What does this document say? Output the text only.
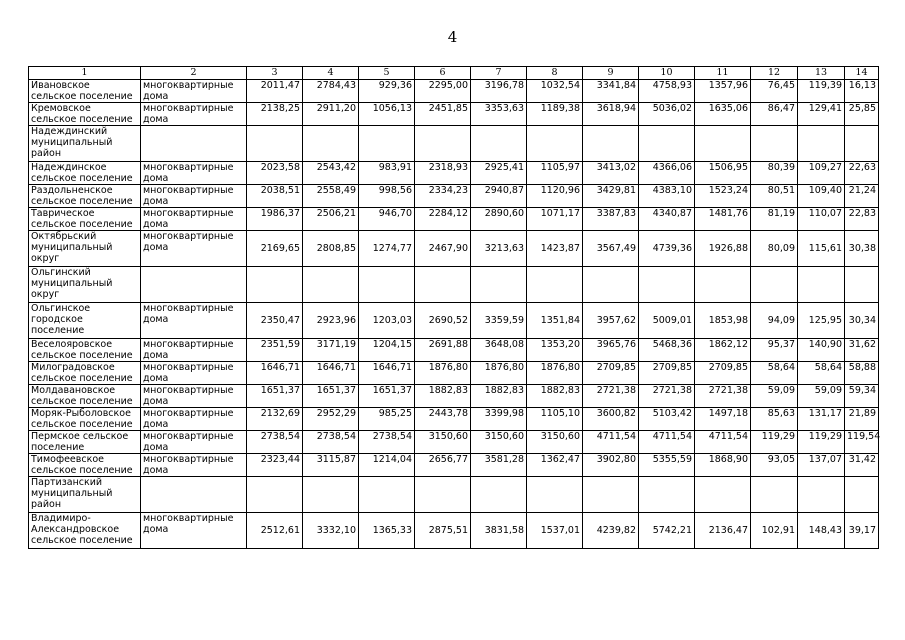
4
1	2	3	4	5	6	7	8	9	10	11	12	13	14
Ивановское сельское поселение	многоквартирные дома	2011,47	2784,43	929,36	2295,00	3196,78	1032,54	3341,84	4758,93	1357,96	76,45	119,39	16,13
Кремовское сельское поселение	многоквартирные дома	2138,25	2911,20	1056,13	2451,85	3353,63	1189,38	3618,94	5036,02	1635,06	86,47	129,41	25,85
Надеждинский муниципальный район													
Надеждинское сельское поселение	многоквартирные дома	2023,58	2543,42	983,91	2318,93	2925,41	1105,97	3413,02	4366,06	1506,95	80,39	109,27	22,63
Раздольненское сельское поселение	многоквартирные дома	2038,51	2558,49	998,56	2334,23	2940,87	1120,96	3429,81	4383,10	1523,24	80,51	109,40	21,24
Таврическое сельское поселение	многоквартирные дома	1986,37	2506,21	946,70	2284,12	2890,60	1071,17	3387,83	4340,87	1481,76	81,19	110,07	22,83
Октябрьский муниципальный округ	многоквартирные дома	2169,65	2808,85	1274,77	2467,90	3213,63	1423,87	3567,49	4739,36	1926,88	80,09	115,61	30,38
Ольгинский муниципальный округ													
Ольгинское городское поселение	многоквартирные дома	2350,47	2923,96	1203,03	2690,52	3359,59	1351,84	3957,62	5009,01	1853,98	94,09	125,95	30,34
Веселояровское сельское поселение	многоквартирные дома	2351,59	3171,19	1204,15	2691,88	3648,08	1353,20	3965,76	5468,36	1862,12	95,37	140,90	31,62
Милоградовское сельское поселение	многоквартирные дома	1646,71	1646,71	1646,71	1876,80	1876,80	1876,80	2709,85	2709,85	2709,85	58,64	58,64	58,88
Молдавановское сельское поселение	многоквартирные дома	1651,37	1651,37	1651,37	1882,83	1882,83	1882,83	2721,38	2721,38	2721,38	59,09	59,09	59,34
Моряк-Рыболовское сельское поселение	многоквартирные дома	2132,69	2952,29	985,25	2443,78	3399,98	1105,10	3600,82	5103,42	1497,18	85,63	131,17	21,89
Пермское сельское поселение	многоквартирные дома	2738,54	2738,54	2738,54	3150,60	3150,60	3150,60	4711,54	4711,54	4711,54	119,29	119,29	119,54
Тимофеевское сельское поселение	многоквартирные дома	2323,44	3115,87	1214,04	2656,77	3581,28	1362,47	3902,80	5355,59	1868,90	93,05	137,07	31,42
Партизанский муниципальный район													
Владимиро-Александровское сельское поселение	многоквартирные дома	2512,61	3332,10	1365,33	2875,51	3831,58	1537,01	4239,82	5742,21	2136,47	102,91	148,43	39,17
